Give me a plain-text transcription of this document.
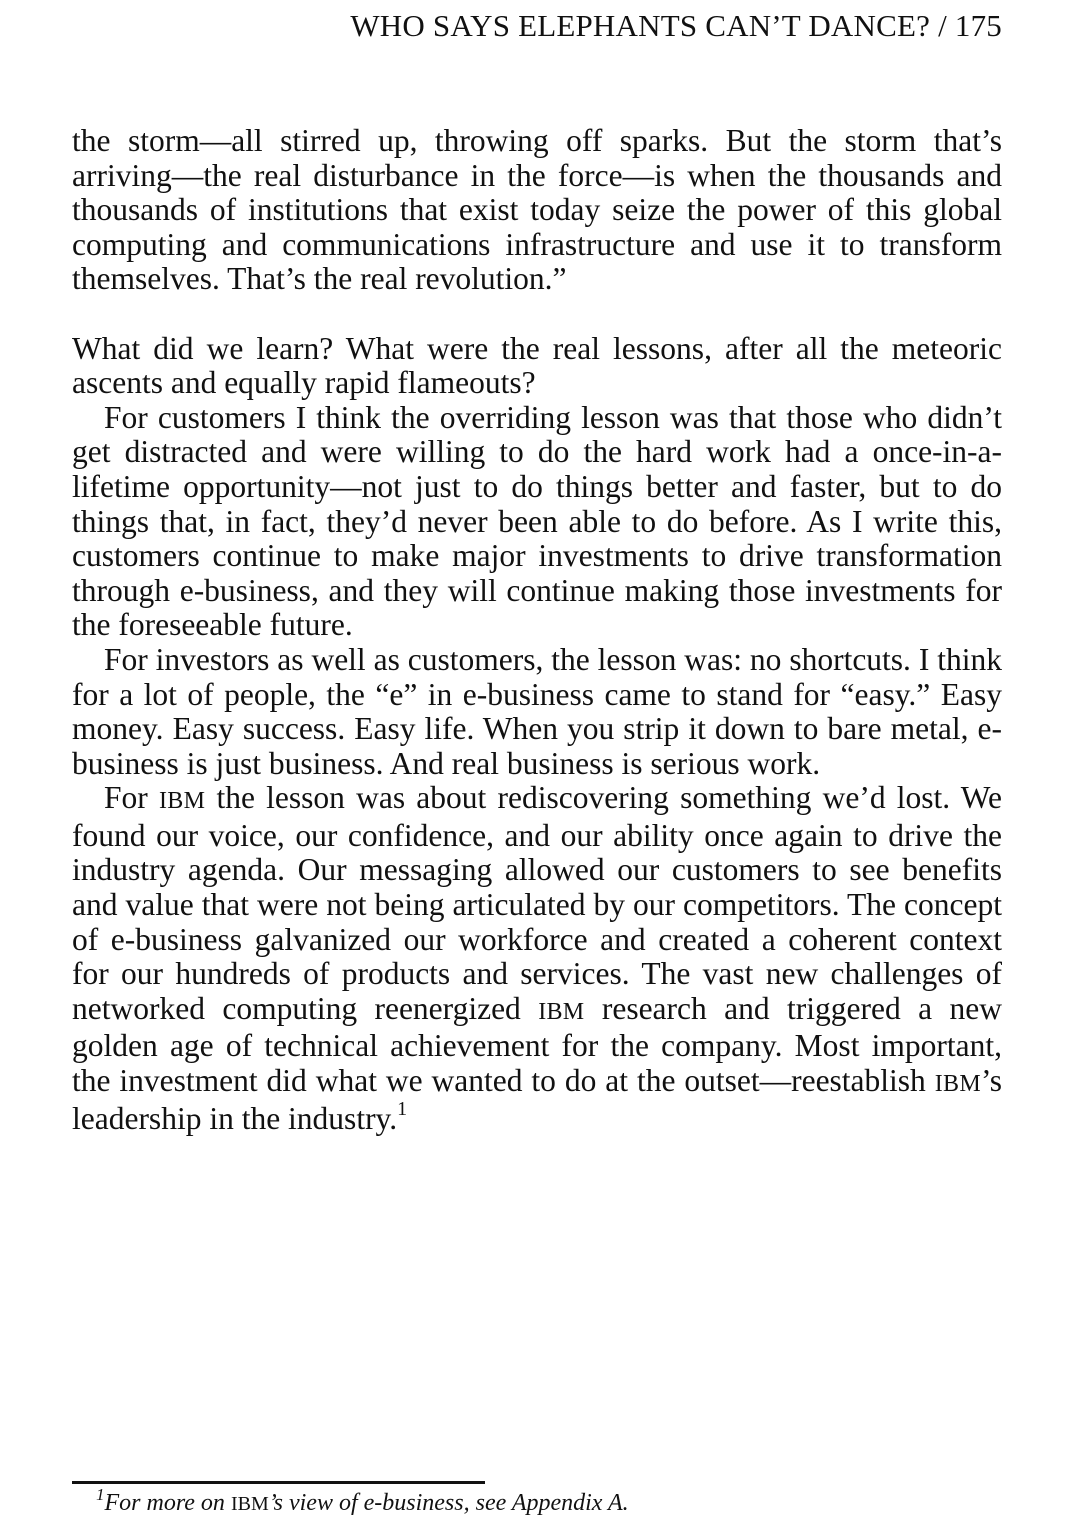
WHO SAYS ELEPHANTS CAN’T DANCE? / 175

the storm—all stirred up, throwing off sparks. But the storm that’s arriving—the real disturbance in the force—is when the thousands and thousands of institutions that exist today seize the power of this global computing and communications infrastructure and use it to transform themselves. That’s the real revolution.”

What did we learn? What were the real lessons, after all the meteoric ascents and equally rapid flameouts?

For customers I think the overriding lesson was that those who didn’t get distracted and were willing to do the hard work had a once-in-a-lifetime opportunity—not just to do things better and faster, but to do things that, in fact, they’d never been able to do before. As I write this, customers continue to make major investments to drive transformation through e-business, and they will continue making those investments for the foreseeable future.

For investors as well as customers, the lesson was: no shortcuts. I think for a lot of people, the “e” in e-business came to stand for “easy.” Easy money. Easy success. Easy life. When you strip it down to bare metal, e-business is just business. And real business is serious work.

For IBM the lesson was about rediscovering something we’d lost. We found our voice, our confidence, and our ability once again to drive the industry agenda. Our messaging allowed our customers to see benefits and value that were not being articulated by our competitors. The concept of e-business galvanized our workforce and created a coherent context for our hundreds of products and services. The vast new challenges of networked computing reenergized IBM research and triggered a new golden age of technical achievement for the company. Most important, the investment did what we wanted to do at the outset—reestablish IBM’s leadership in the industry.$^1$

$^1$For more on IBM’s view of e-business, see Appendix A.
